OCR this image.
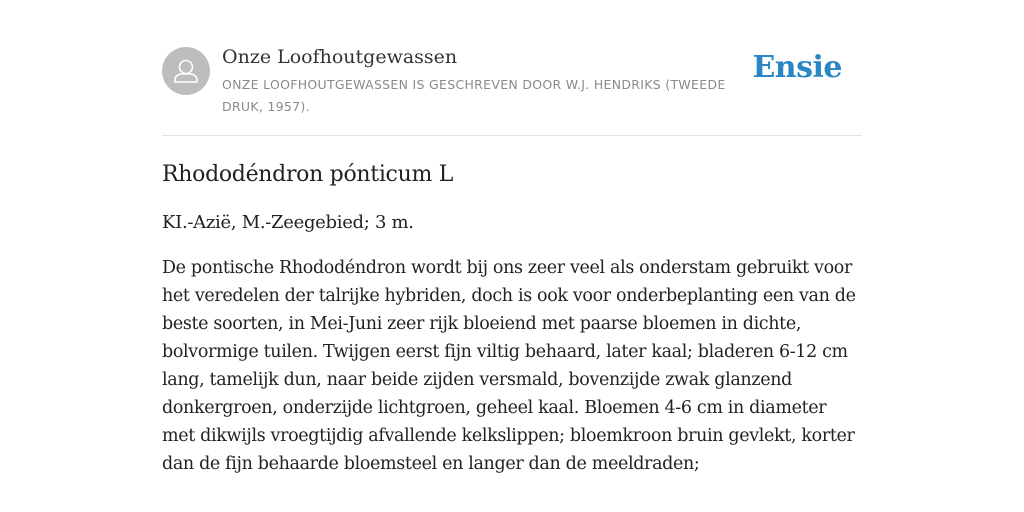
Onze Loofhoutgewassen
ONZE LOOFHOUTGEWASSEN IS GESCHREVEN DOOR W.J. HENDRIKS (TWEEDE DRUK, 1957).
Ensie
Rhododéndron pónticum L

KI.-Azië, M.-Zeegebied; 3 m.

De pontische Rhododéndron wordt bij ons zeer veel als onderstam gebruikt voor het veredelen der talrijke hybriden, doch is ook voor onderbeplanting een van de beste soorten, in Mei-Juni zeer rijk bloeiend met paarse bloemen in dichte, bolvormige tuilen. Twijgen eerst fijn viltig behaard, later kaal; bladeren 6-12 cm lang, tamelijk dun, naar beide zijden versmald, bovenzijde zwak glanzend donkergroen, onderzijde lichtgroen, geheel kaal. Bloemen 4-6 cm in diameter met dikwijls vroegtijdig afvallende kelkslippen; bloemkroon bruin gevlekt, korter dan de fijn behaarde bloemsteel en langer dan de meeldraden;
